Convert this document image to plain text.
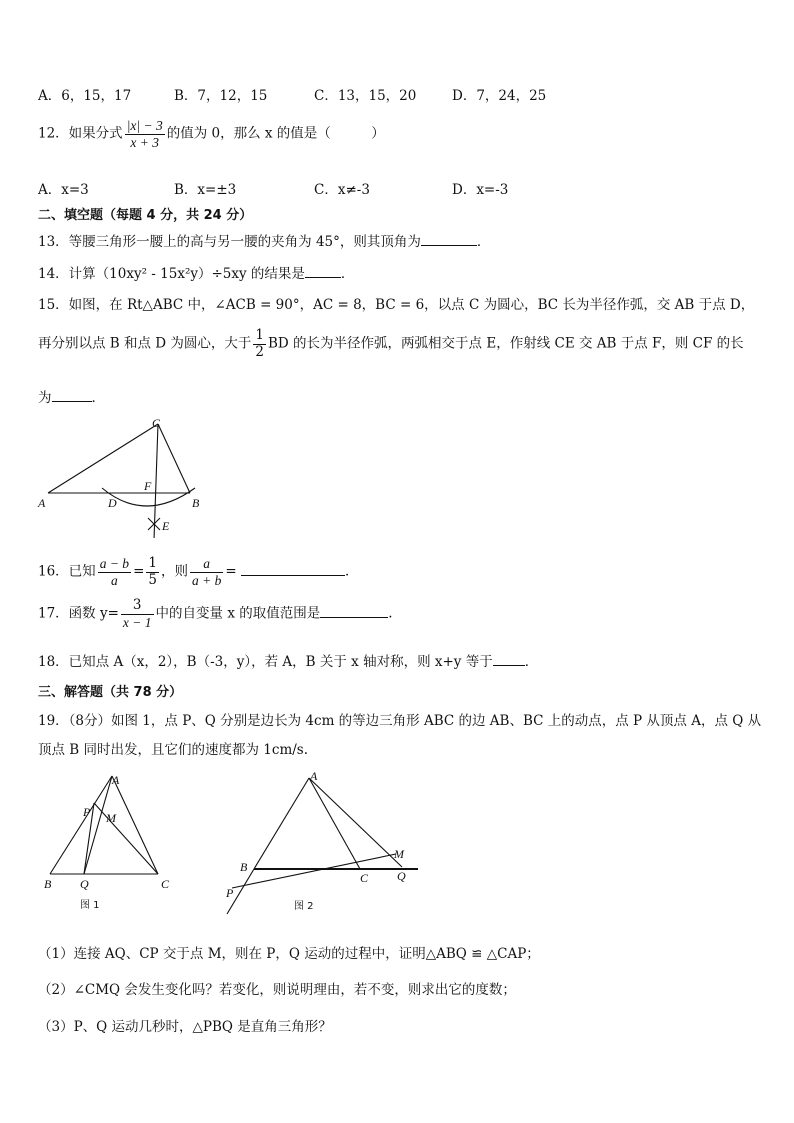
A．6，15，17	B．7，12，15	C．13，15，20	D．7，24，25
12．如果分式 $\frac{|x| - 3}{x + 3}$ 的值为 0，那么 x 的值是（　　　）
A．x=3	B．x=±3	C．x≠-3	D．x=-3
二、填空题（每题 4 分，共 24 分）
13．等腰三角形一腰上的高与另一腰的夹角为 45°，则其顶角为	．
14．计算（10xy² - 15x²y）÷5xy 的结果是	．
15．如图，在 Rt△ABC 中，∠ACB = 90°，AC = 8，BC = 6，以点 C 为圆心，BC 长为半径作弧，交 AB 于点 D，
再分别以点 B 和点 D 为圆心，大于 $\frac{1}{2}$ BD 的长为半径作弧，两弧相交于点 E，作射线 CE 交 AB 于点 F，则 CF 的长
为	．
C
A	D
F
B
E
16．已知 $\frac{a - b}{a} = \frac{1}{5}$ ，则 $\frac{a}{a + b}$ =	．
17．函数 $y= \frac{3}{x - 1}$ 中的自变量 x 的取值范围是	.
18．已知点 A（x，2），B（-3，y），若 A，B 关于 x 轴对称，则 x+y 等于 ．
三、解答题（共 78 分）
19．（8分）如图 1，点 P、Q 分别是边长为 4cm 的等边三角形 ABC 的边 AB、BC 上的动点，点 P 从顶点 A，点 Q 从
顶点 B 同时出发，且它们的速度都为 1cm/s.
A
P M
B Q	C
图 1
A
B
C
M
Q
P
图 2
（1）连接 AQ、CP 交于点 M，则在 P，Q 运动的过程中，证明△ABQ ≌ △CAP；
（2）∠CMQ 会发生变化吗？若变化，则说明理由，若不变，则求出它的度数；
（3）P、Q 运动几秒时，△PBQ 是直角三角形？
